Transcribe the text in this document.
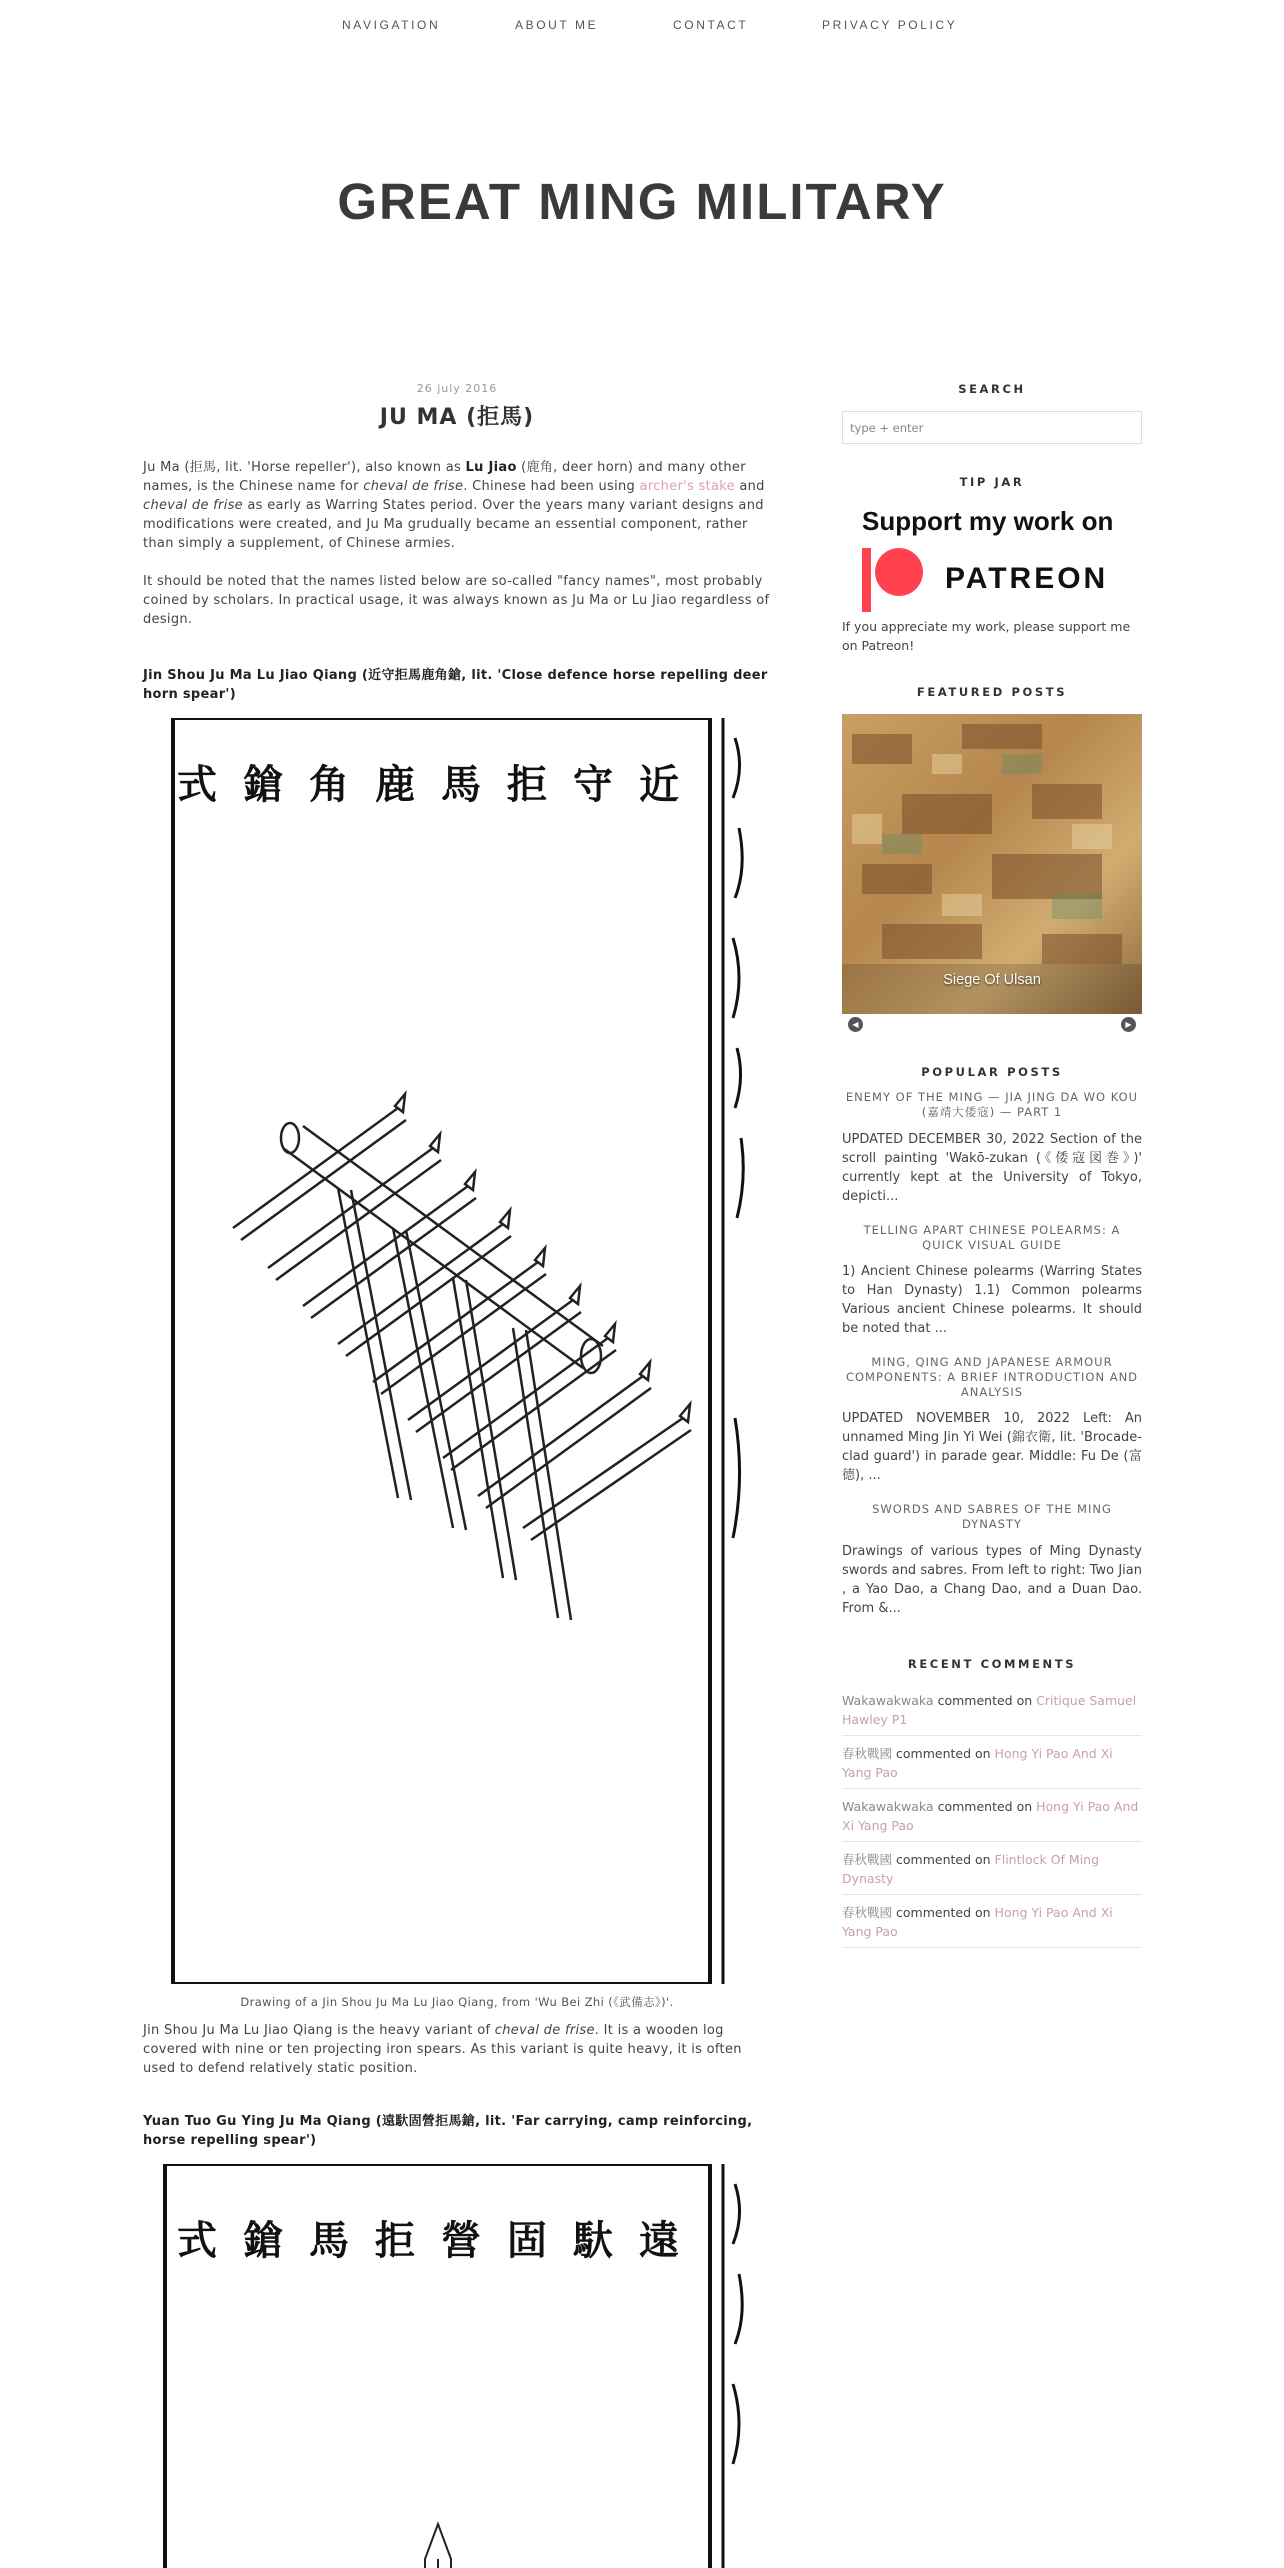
NAVIGATION	ABOUT ME	CONTACT	PRIVACY POLICY
GREAT MING MILITARY
26 july 2016
JU MA (拒馬)

Ju Ma (拒馬, lit. 'Horse repeller'), also known as Lu Jiao (鹿角, deer horn) and many other names, is the Chinese name for cheval de frise. Chinese had been using archer's stake and cheval de frise as early as Warring States period. Over the years many variant designs and modifications were created, and Ju Ma grudually became an essential component, rather than simply a supplement, of Chinese armies.

It should be noted that the names listed below are so-called "fancy names", most probably coined by scholars. In practical usage, it was always known as Ju Ma or Lu Jiao regardless of design.

Jin Shou Ju Ma Lu Jiao Qiang (近守拒馬鹿角鎗, lit. 'Close defence horse repelling deer horn spear')

式鎗角鹿馬拒守近

Drawing of a Jin Shou Ju Ma Lu Jiao Qiang, from 'Wu Bei Zhi (《武備志》)'.

Jin Shou Ju Ma Lu Jiao Qiang is the heavy variant of cheval de frise. It is a wooden log covered with nine or ten projecting iron spears. As this variant is quite heavy, it is often used to defend relatively static position.

Yuan Tuo Gu Ying Ju Ma Qiang (遠馱固營拒馬鎗, lit. 'Far carrying, camp reinforcing, horse repelling spear')

式鎗馬拒營固馱遠
SEARCH
type + enter
TIP JAR
Support my work on
PATREON

If you appreciate my work, please support me on Patreon!

FEATURED POSTS
Siege Of Ulsan
◀	▶
POPULAR POSTS
ENEMY OF THE MING — JIA JING DA WO KOU (嘉靖大倭寇) — PART 1
UPDATED DECEMBER 30, 2022 Section of the scroll painting 'Wakō-zukan (《倭寇図巻》)' currently kept at the University of Tokyo, depicti...
TELLING APART CHINESE POLEARMS: A QUICK VISUAL GUIDE
1) Ancient Chinese polearms (Warring States to Han Dynasty) 1.1) Common polearms Various ancient Chinese polearms. It should be noted that ...
MING, QING AND JAPANESE ARMOUR COMPONENTS: A BRIEF INTRODUCTION AND ANALYSIS
UPDATED NOVEMBER 10, 2022 Left: An unnamed Ming Jin Yi Wei (錦衣衛, lit. 'Brocade-clad guard') in parade gear. Middle: Fu De (富德), ...
SWORDS AND SABRES OF THE MING DYNASTY
Drawings of various types of Ming Dynasty swords and sabres. From left to right: Two Jian , a Yao Dao, a Chang Dao, and a Duan Dao. From &...
RECENT COMMENTS
Wakawakwaka commented on Critique Samuel Hawley P1
春秋戰國 commented on Hong Yi Pao And Xi Yang Pao
Wakawakwaka commented on Hong Yi Pao And Xi Yang Pao
春秋戰國 commented on Flintlock Of Ming Dynasty
春秋戰國 commented on Hong Yi Pao And Xi Yang Pao
